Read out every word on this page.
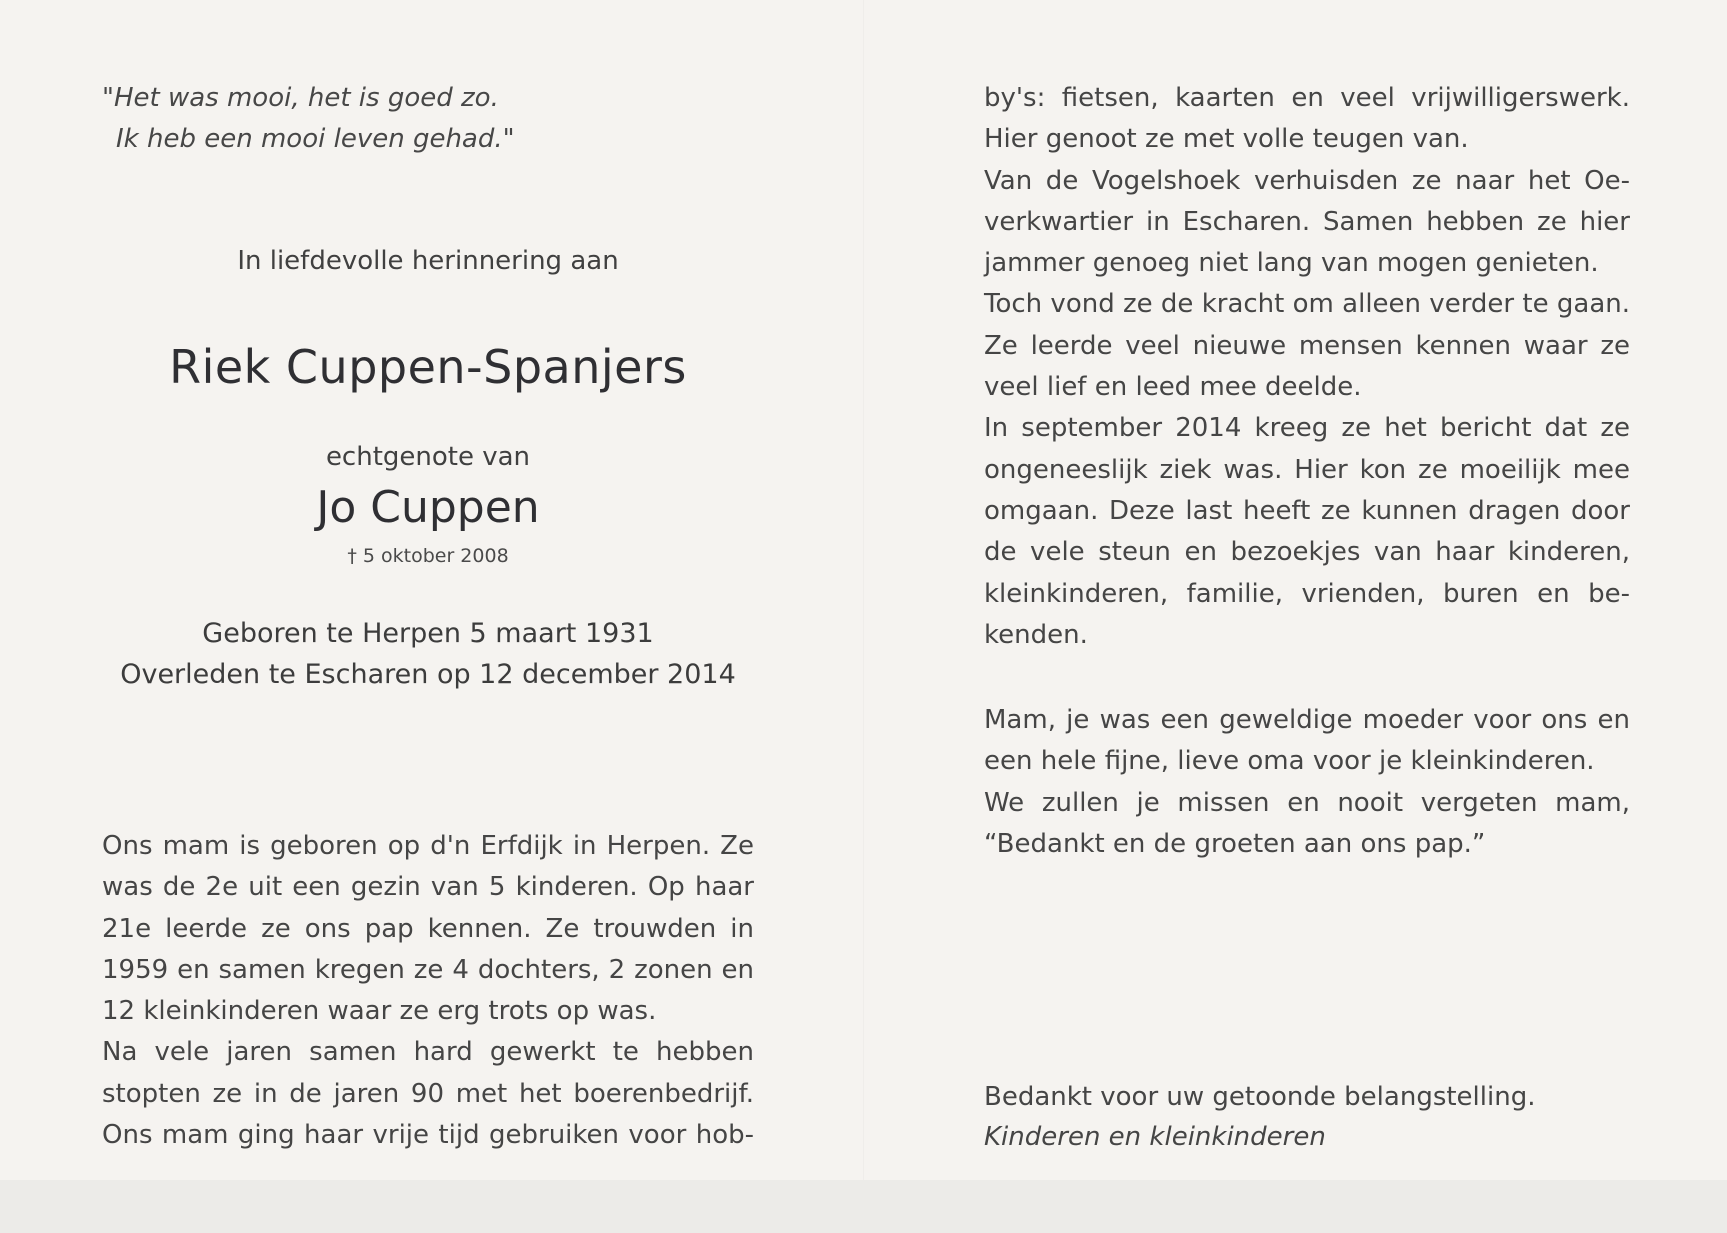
"Het was mooi, het is goed zo.
Ik heb een mooi leven gehad."
In liefdevolle herinnering aan
Riek Cuppen-Spanjers
echtgenote van
Jo Cuppen
† 5 oktober 2008
Geboren te Herpen 5 maart 1931
Overleden te Escharen op 12 december 2014
Ons mam is geboren op d'n Erfdijk in Herpen. Ze
was de 2e uit een gezin van 5 kinderen. Op haar
21e leerde ze ons pap kennen. Ze trouwden in
1959 en samen kregen ze 4 dochters, 2 zonen en
12 kleinkinderen waar ze erg trots op was.
Na vele jaren samen hard gewerkt te hebben
stopten ze in de jaren 90 met het boerenbedrijf.
Ons mam ging haar vrije tijd gebruiken voor hob-
by's: fietsen, kaarten en veel vrijwilligerswerk.
Hier genoot ze met volle teugen van.
Van de Vogelshoek verhuisden ze naar het Oe-
verkwartier in Escharen. Samen hebben ze hier
jammer genoeg niet lang van mogen genieten.
Toch vond ze de kracht om alleen verder te gaan.
Ze leerde veel nieuwe mensen kennen waar ze
veel lief en leed mee deelde.
In september 2014 kreeg ze het bericht dat ze
ongeneeslijk ziek was. Hier kon ze moeilijk mee
omgaan. Deze last heeft ze kunnen dragen door
de vele steun en bezoekjes van haar kinderen,
kleinkinderen, familie, vrienden, buren en be-
kenden.
Mam, je was een geweldige moeder voor ons en
een hele fijne, lieve oma voor je kleinkinderen.
We zullen je missen en nooit vergeten mam,
“Bedankt en de groeten aan ons pap.”
Bedankt voor uw getoonde belangstelling.
Kinderen en kleinkinderen
